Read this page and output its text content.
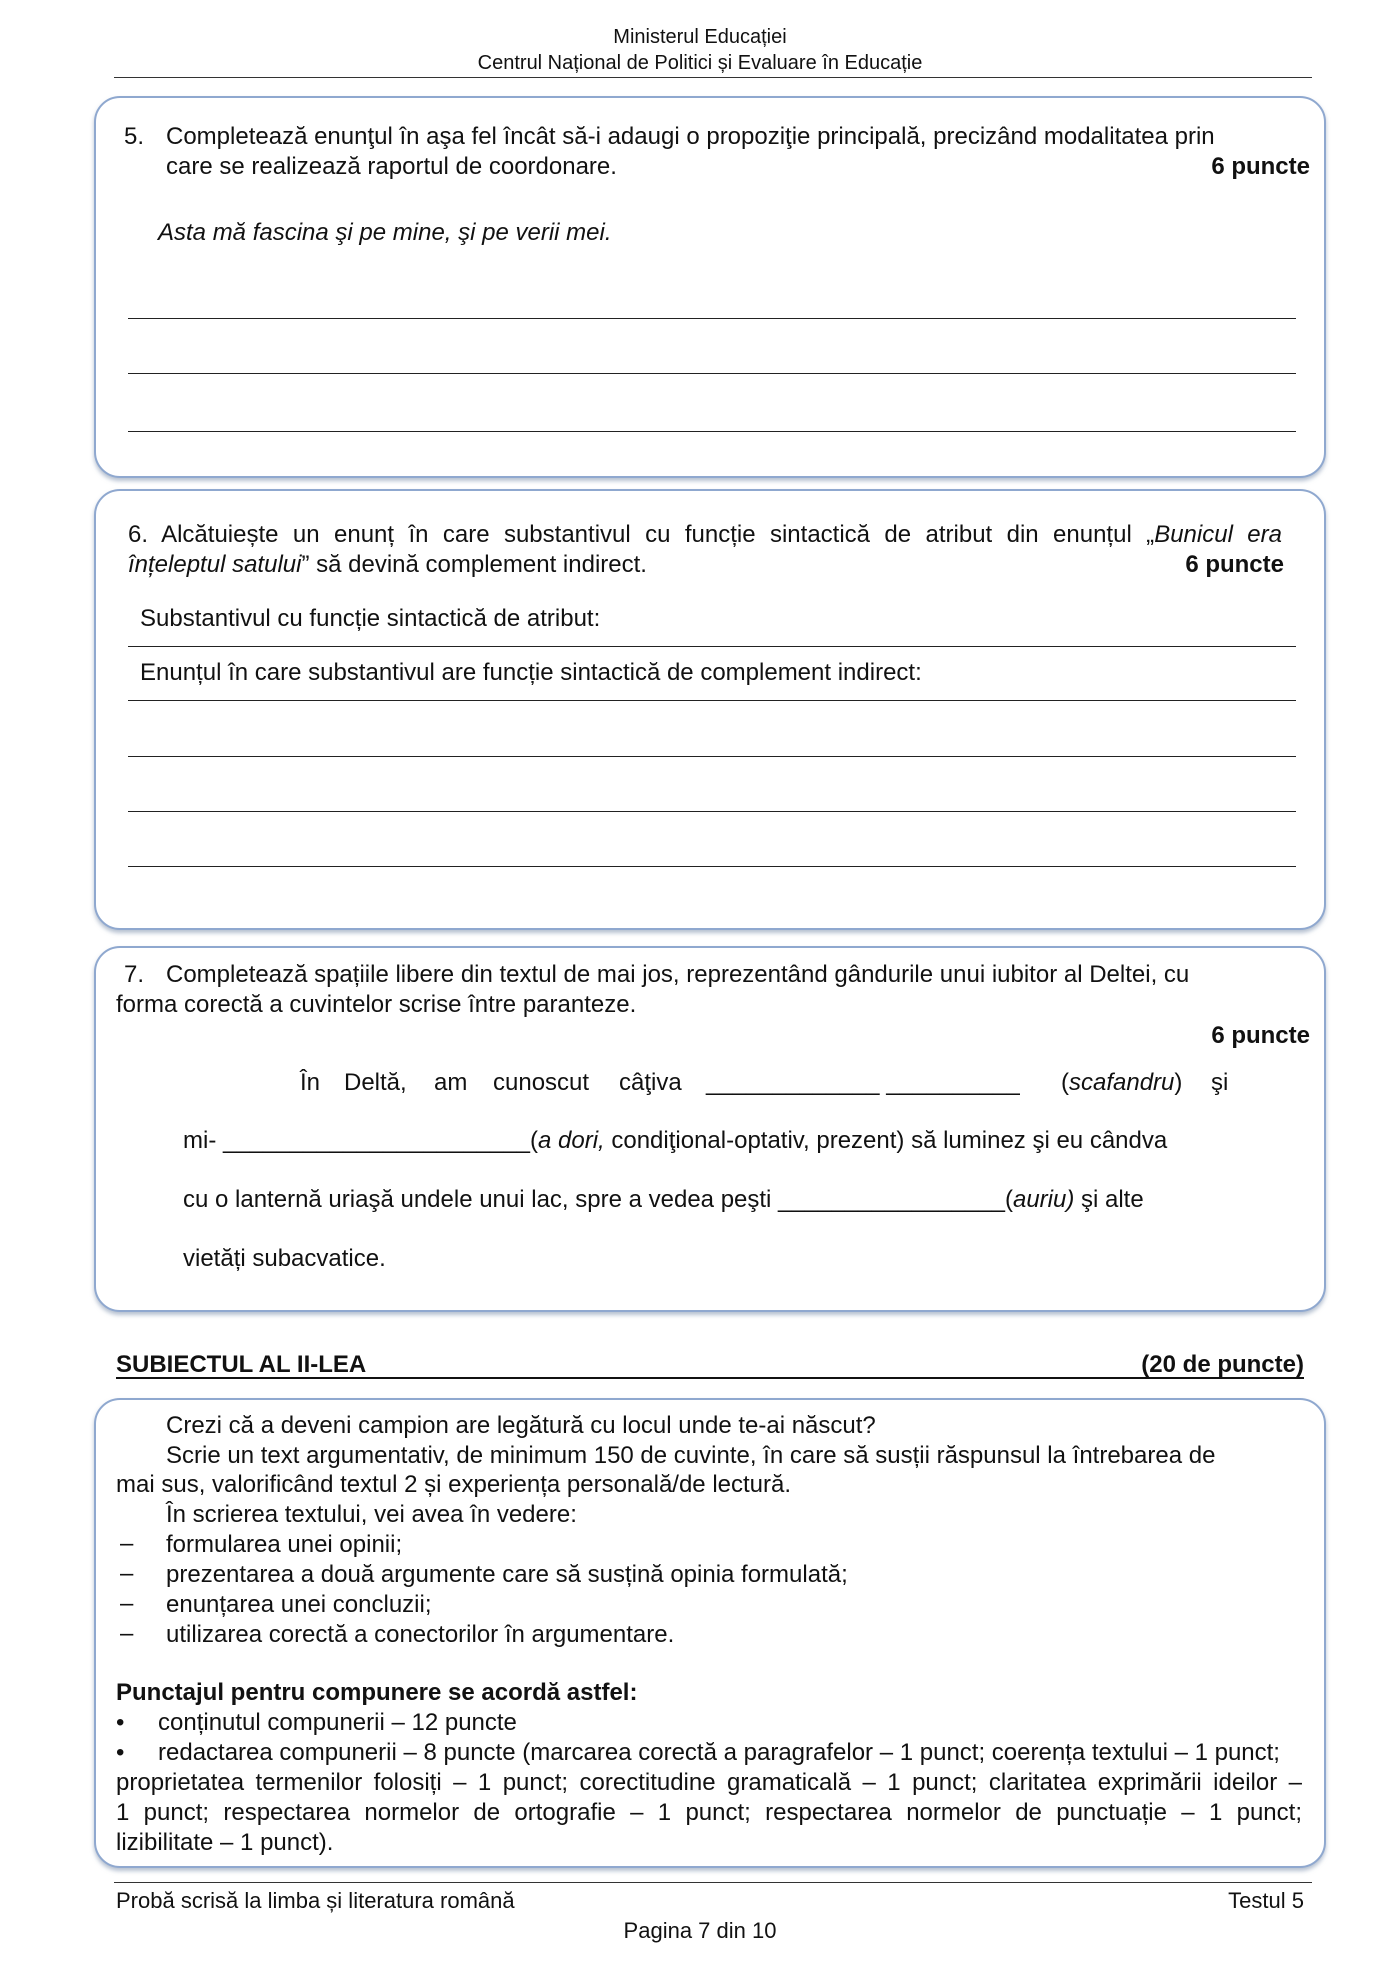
Ministerul Educației
Centrul Național de Politici și Evaluare în Educație
5. Completează enunţul în aşa fel încât să-i adaugi o propoziţie principală, precizând modalitatea prin
care se realizează raportul de coordonare.	6 puncte
Asta mă fascina şi pe mine, şi pe verii mei.
6. Alcătuiește un enunț în care substantivul cu funcție sintactică de atribut din enunțul „Bunicul era
înțeleptul satului” să devină complement indirect.	6 puncte
Substantivul cu funcție sintactică de atribut:
Enunțul în care substantivul are funcție sintactică de complement indirect:
7. Completează spațiile libere din textul de mai jos, reprezentând gândurile unui iubitor al Deltei, cu
forma corectă a cuvintelor scrise între paranteze.
6 puncte
În Deltă, am cunoscut câţiva _____________ __________ (scafandru) şi
mi- _______________________(a dori, condiţional-optativ, prezent) să luminez şi eu cândva
cu o lanternă uriaşă undele unui lac, spre a vedea peşti _________________(auriu) şi alte
vietăți subacvatice.
SUBIECTUL AL II-LEA	(20 de puncte)
Crezi că a deveni campion are legătură cu locul unde te-ai născut?
Scrie un text argumentativ, de minimum 150 de cuvinte, în care să susții răspunsul la întrebarea de
mai sus, valorificând textul 2 și experiența personală/de lectură.
În scrierea textului, vei avea în vedere:
– formularea unei opinii;
– prezentarea a două argumente care să susțină opinia formulată;
– enunțarea unei concluzii;
– utilizarea corectă a conectorilor în argumentare.
Punctajul pentru compunere se acordă astfel:
• conținutul compunerii – 12 puncte
• redactarea compunerii – 8 puncte (marcarea corectă a paragrafelor – 1 punct; coerența textului – 1 punct;
proprietatea termenilor folosiți – 1 punct; corectitudine gramaticală – 1 punct; claritatea exprimării ideilor –
1 punct; respectarea normelor de ortografie – 1 punct; respectarea normelor de punctuație – 1 punct;
lizibilitate – 1 punct).
Probă scrisă la limba și literatura română	Testul 5
Pagina 7 din 10
